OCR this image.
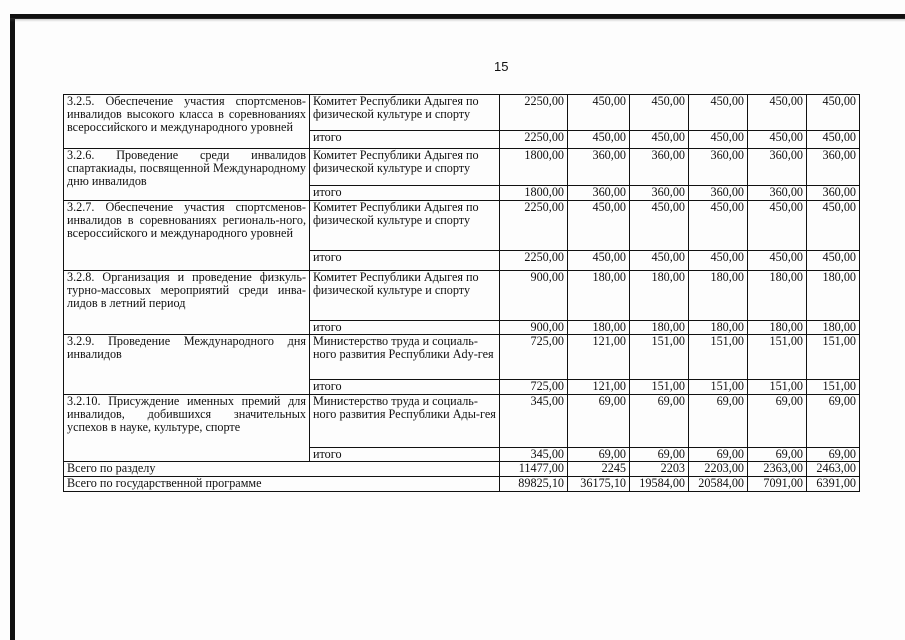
15
3.2.5. Обеспечение участия спортсменов-инвалидов высокого класса в соревнованиях всероссийского и международного уровней	Комитет Республики Адыгея по физической культуре и спорту	2250,00	450,00	450,00	450,00	450,00	450,00
	итого	2250,00	450,00	450,00	450,00	450,00	450,00
3.2.6. Проведение среди инвалидов спартакиады, посвященной Международному дню инвалидов	Комитет Республики Адыгея по физической культуре и спорту	1800,00	360,00	360,00	360,00	360,00	360,00
	итого	1800,00	360,00	360,00	360,00	360,00	360,00
3.2.7. Обеспечение участия спортсменов-инвалидов в соревнованиях региональ-ного, всероссийского и международного уровней	Комитет Республики Адыгея по физической культуре и спорту	2250,00	450,00	450,00	450,00	450,00	450,00
	итого	2250,00	450,00	450,00	450,00	450,00	450,00
3.2.8. Организация и проведение физкуль-турно-массовых мероприятий среди инва-лидов в летний период	Комитет Республики Адыгея по физической культуре и спорту	900,00	180,00	180,00	180,00	180,00	180,00
	итого	900,00	180,00	180,00	180,00	180,00	180,00
3.2.9. Проведение Международного дня инвалидов	Министерство труда и социаль-ного развития Республики Ady-гея	725,00	121,00	151,00	151,00	151,00	151,00
	итого	725,00	121,00	151,00	151,00	151,00	151,00
3.2.10. Присуждение именных премий для инвалидов, добившихся значительных успехов в науке, культуре, спорте	Министерство труда и социаль-ного развития Республики Ады-гея	345,00	69,00	69,00	69,00	69,00	69,00
	итого	345,00	69,00	69,00	69,00	69,00	69,00
Всего по разделу		11477,00	2245	2203	2203,00	2363,00	2463,00
Всего по государственной программе		89825,10	36175,10	19584,00	20584,00	7091,00	6391,00
